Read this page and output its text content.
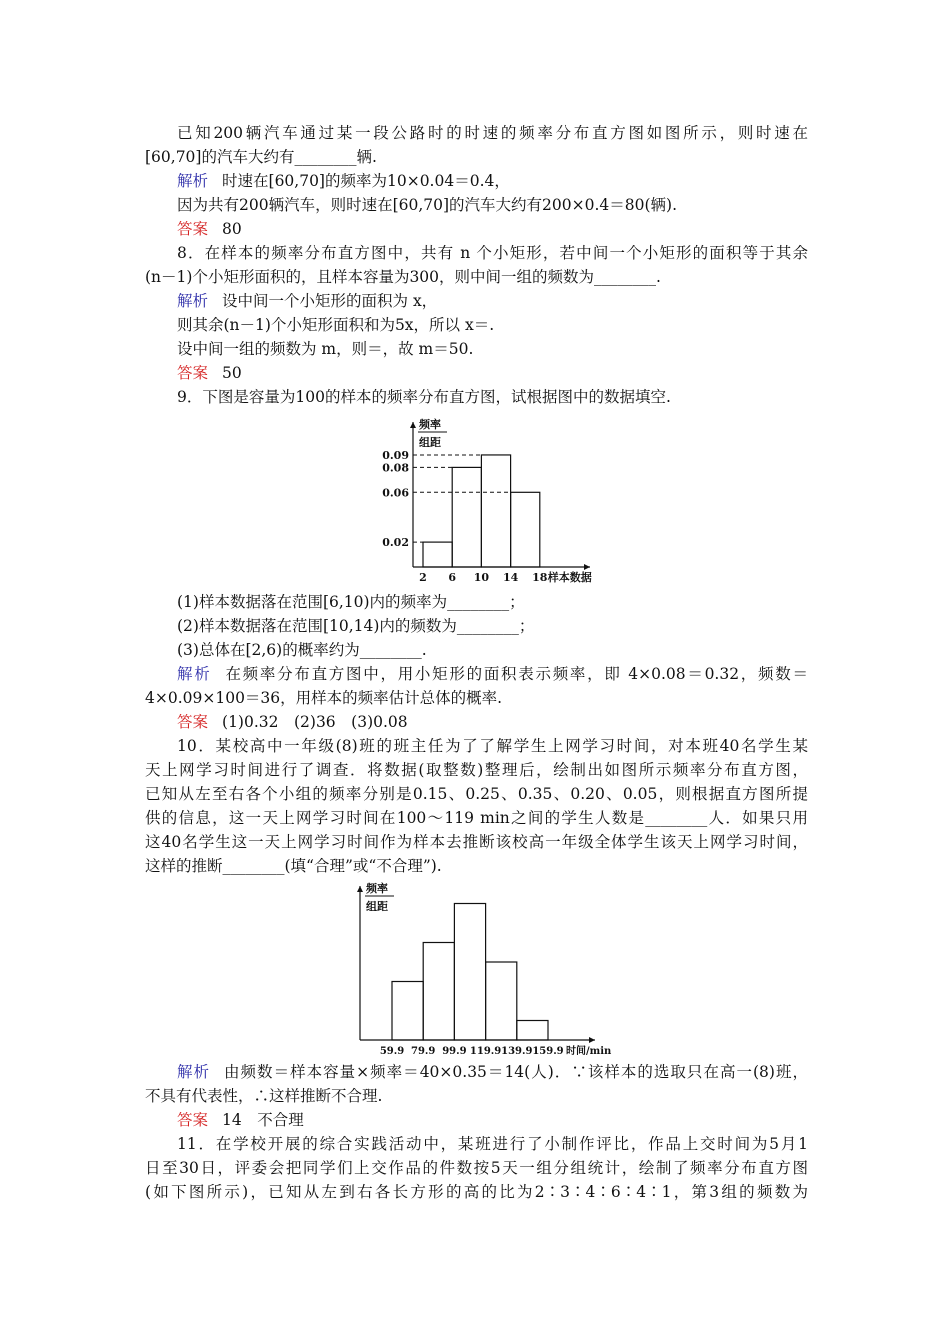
已知200辆汽车通过某一段公路时的时速的频率分布直方图如图所示，则时速在
[60,70]的汽车大约有________辆.
解析 时速在[60,70]的频率为10×0.04＝0.4，
因为共有200辆汽车，则时速在[60,70]的汽车大约有200×0.4＝80(辆).
答案 80
8．在样本的频率分布直方图中，共有 n 个小矩形，若中间一个小矩形的面积等于其余
(n－1)个小矩形面积的，且样本容量为300，则中间一组的频数为________.
解析 设中间一个小矩形的面积为 x，
则其余(n－1)个小矩形面积和为5x，所以 x＝.
设中间一组的频数为 m，则＝，故 m＝50.
答案 50
9．下图是容量为100的样本的频率分布直方图，试根据图中的数据填空.
频率
组距
0.09
0.08
0.06
0.02
2 6 10 14 18 样本数据
(1)样本数据落在范围[6,10)内的频率为________；
(2)样本数据落在范围[10,14)内的频数为________；
(3)总体在[2,6)的概率约为________.
解析 在频率分布直方图中，用小矩形的面积表示频率，即 4×0.08＝0.32，频数＝
4×0.09×100＝36，用样本的频率估计总体的概率.
答案 (1)0.32　(2)36　(3)0.08
10．某校高中一年级(8)班的班主任为了了解学生上网学习时间，对本班40名学生某
天上网学习时间进行了调查．将数据(取整数)整理后，绘制出如图所示频率分布直方图，
已知从左至右各个小组的频率分别是0.15、0.25、0.35、0.20、0.05，则根据直方图所提
供的信息，这一天上网学习时间在100～119 min之间的学生人数是________人．如果只用
这40名学生这一天上网学习时间作为样本去推断该校高一年级全体学生该天上网学习时间，
这样的推断________(填“合理”或“不合理”).
频率
组距
59.9 79.9 99.9 119.9 139.9 159.9 时间/min
解析 由频数＝样本容量×频率＝40×0.35＝14(人)．∵该样本的选取只在高一(8)班，
不具有代表性，∴这样推断不合理.
答案 14　不合理
11．在学校开展的综合实践活动中，某班进行了小制作评比，作品上交时间为5月1
日至30日，评委会把同学们上交作品的件数按5天一组分组统计，绘制了频率分布直方图
(如下图所示)，已知从左到右各长方形的高的比为2∶3∶4∶6∶4∶1，第3组的频数为
